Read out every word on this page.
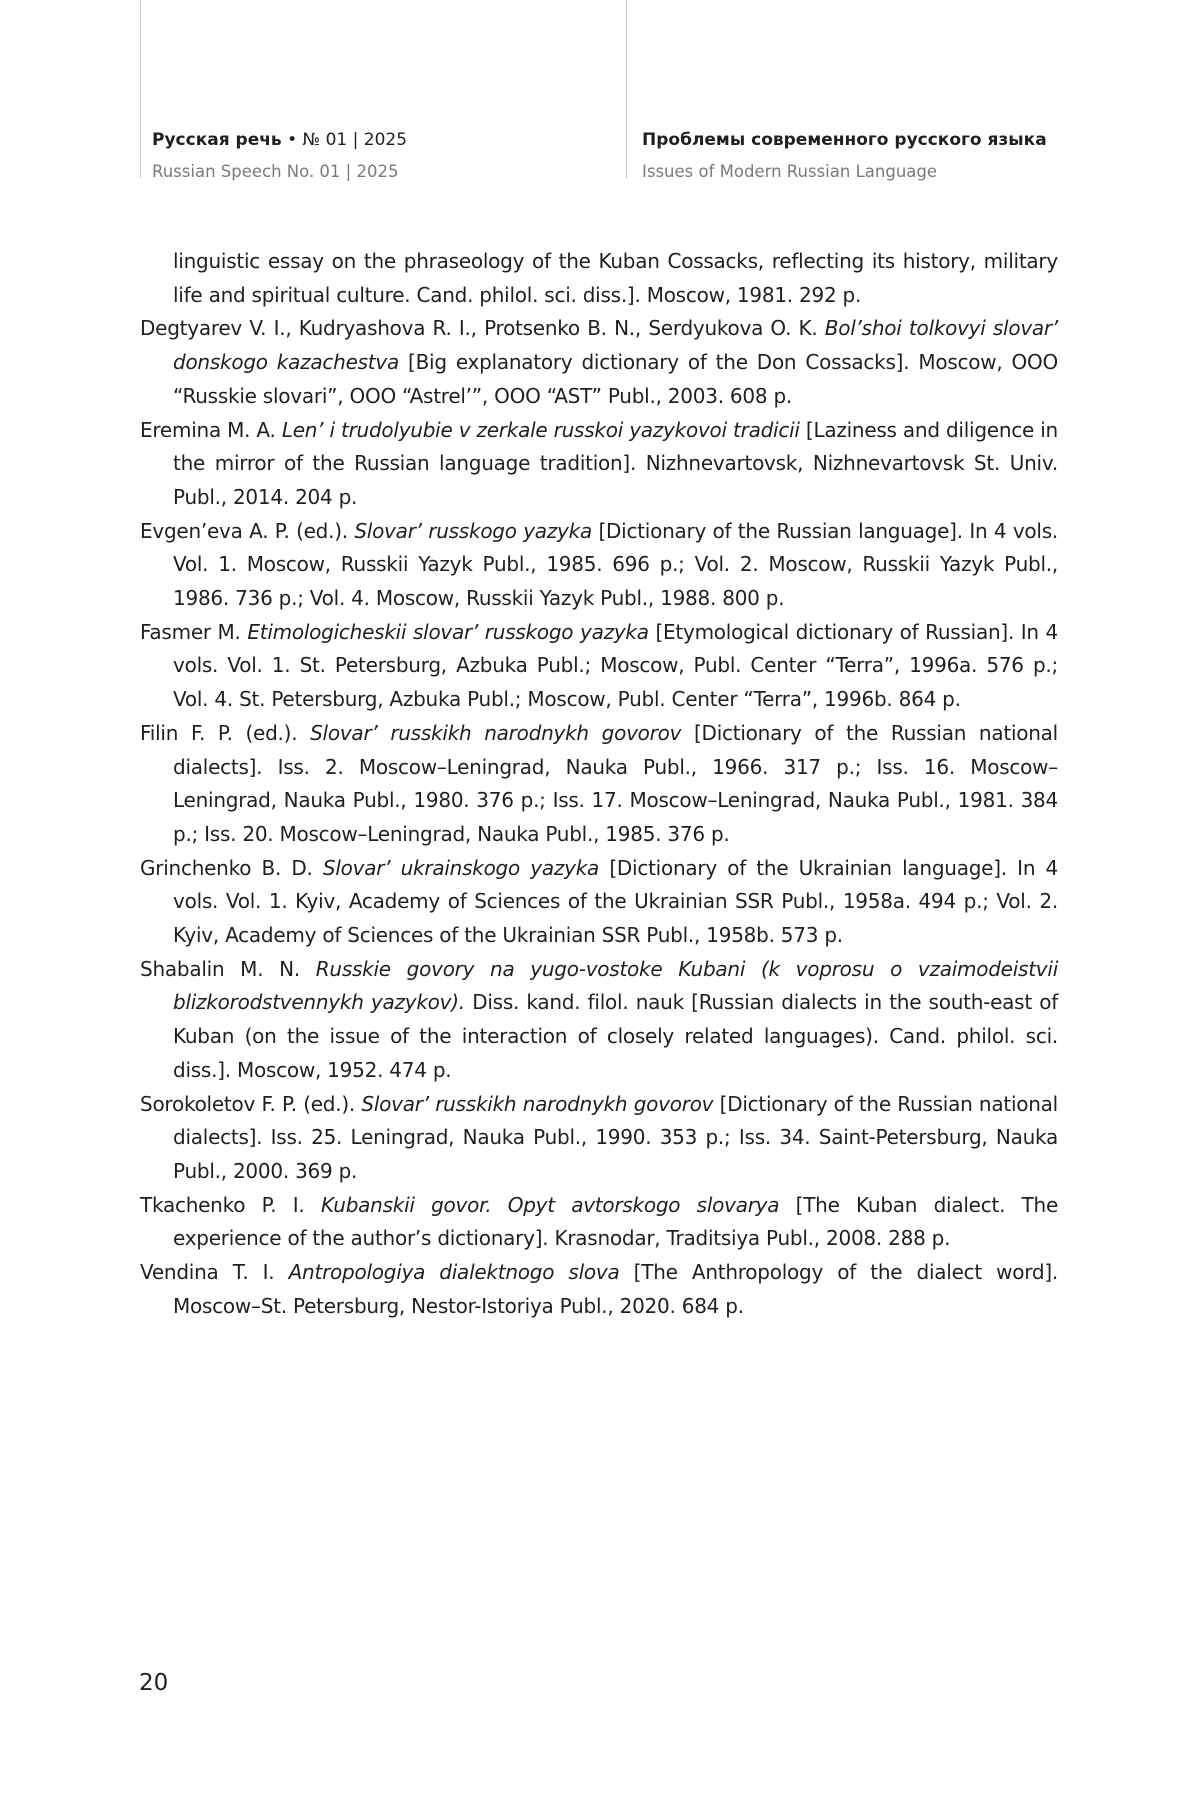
Русская речь • № 01 | 2025
Russian Speech No. 01 | 2025
Проблемы современного русского языка
Issues of Modern Russian Language

linguistic essay on the phraseology of the Kuban Cossacks, reflecting its history, military life and spiritual culture. Cand. philol. sci. diss.]. Moscow, 1981. 292 p.

Degtyarev V. I., Kudryashova R. I., Protsenko B. N., Serdyukova O. K. Bol’shoi tolkovyi slovar’ donskogo kazachestva [Big explanatory dictionary of the Don Cossacks]. Moscow, OOO “Russkie slovari”, OOO “Astrel’”, OOO “AST” Publ., 2003. 608 p.

Eremina M. A. Len’ i trudolyubie v zerkale russkoi yazykovoi tradicii [Laziness and diligence in the mirror of the Russian language tradition]. Nizhnevartovsk, Nizhnevartovsk St. Univ. Publ., 2014. 204 p.

Evgen’eva A. P. (ed.). Slovar’ russkogo yazyka [Dictionary of the Russian language]. In 4 vols. Vol. 1. Moscow, Russkii Yazyk Publ., 1985. 696 p.; Vol. 2. Moscow, Russkii Yazyk Publ., 1986. 736 p.; Vol. 4. Moscow, Russkii Yazyk Publ., 1988. 800 p.

Fasmer M. Etimologicheskii slovar’ russkogo yazyka [Etymological dictionary of Russian]. In 4 vols. Vol. 1. St. Petersburg, Azbuka Publ.; Moscow, Publ. Center “Terra”, 1996a. 576 p.; Vol. 4. St. Petersburg, Azbuka Publ.; Moscow, Publ. Center “Terra”, 1996b. 864 p.

Filin F. P. (ed.). Slovar’ russkikh narodnykh govorov [Dictionary of the Russian national dialects]. Iss. 2. Moscow–Leningrad, Nauka Publ., 1966. 317 p.; Iss. 16. Moscow–Leningrad, Nauka Publ., 1980. 376 p.; Iss. 17. Moscow–Leningrad, Nauka Publ., 1981. 384 p.; Iss. 20. Moscow–Leningrad, Nauka Publ., 1985. 376 p.

Grinchenko B. D. Slovar’ ukrainskogo yazyka [Dictionary of the Ukrainian language]. In 4 vols. Vol. 1. Kyiv, Academy of Sciences of the Ukrainian SSR Publ., 1958a. 494 p.; Vol. 2. Kyiv, Academy of Sciences of the Ukrainian SSR Publ., 1958b. 573 p.

Shabalin M. N. Russkie govory na yugo-vostoke Kubani (k voprosu o vzaimodeistvii blizkorodstvennykh yazykov). Diss. kand. filol. nauk [Russian dialects in the south-east of Kuban (on the issue of the interaction of closely related languages). Cand. philol. sci. diss.]. Moscow, 1952. 474 p.

Sorokoletov F. P. (ed.). Slovar’ russkikh narodnykh govorov [Dictionary of the Russian national dialects]. Iss. 25. Leningrad, Nauka Publ., 1990. 353 p.; Iss. 34. Saint-Petersburg, Nauka Publ., 2000. 369 p.

Tkachenko P. I. Kubanskii govor. Opyt avtorskogo slovarya [The Kuban dialect. The experience of the author’s dictionary]. Krasnodar, Traditsiya Publ., 2008. 288 p.

Vendina T. I. Antropologiya dialektnogo slova [The Anthropology of the dialect word]. Moscow–St. Petersburg, Nestor-Istoriya Publ., 2020. 684 p.

20
